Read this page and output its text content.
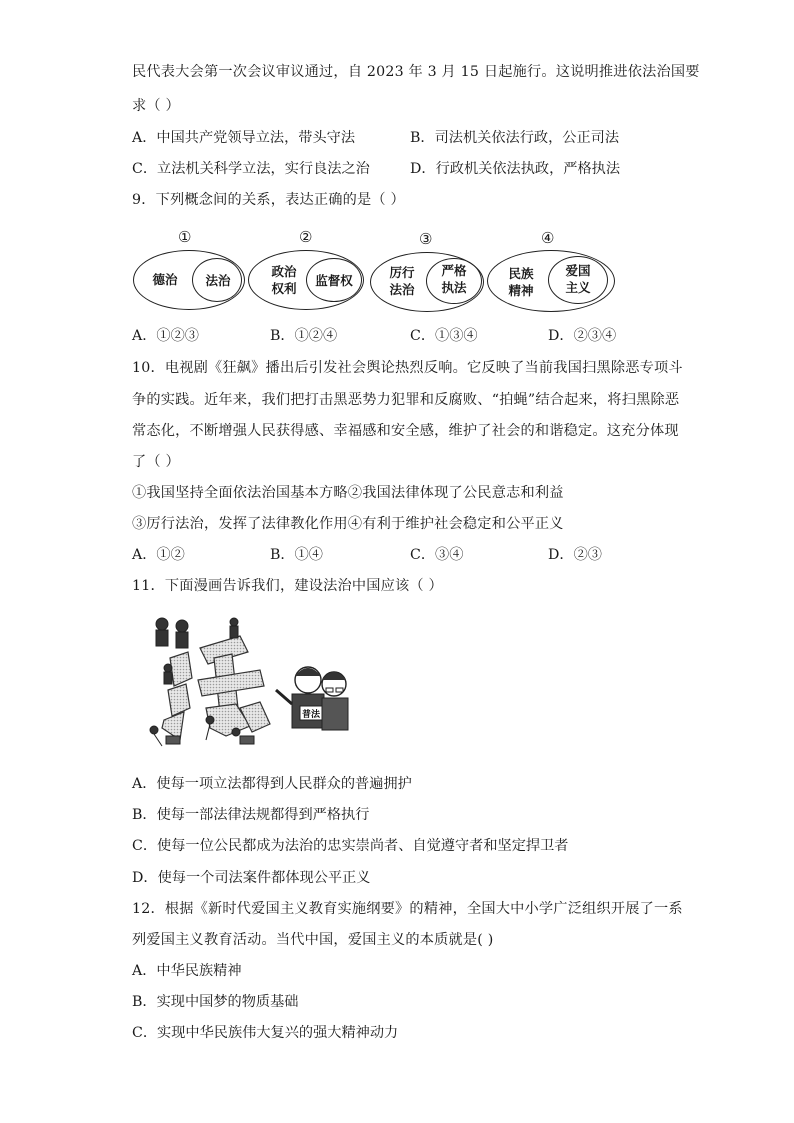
民代表大会第一次会议审议通过，自 2023 年 3 月 15 日起施行。这说明推进依法治国要
求（ ）
A．中国共产党领导立法，带头守法	B．司法机关依法行政，公正司法
C．立法机关科学立法，实行良法之治	D．行政机关依法执政，严格执法
9．下列概念间的关系，表达正确的是（ ）
①
德治	法治
②
政治
权利
监督权
③
厉行
法治
严格
执法
④
民族
精神
爱国
主义
A．①②③	B．①②④	C．①③④	D．②③④
10．电视剧《狂飙》播出后引发社会舆论热烈反响。它反映了当前我国扫黑除恶专项斗
争的实践。近年来，我们把打击黑恶势力犯罪和反腐败、“拍蝇”结合起来，将扫黑除恶
常态化，不断增强人民获得感、幸福感和安全感，维护了社会的和谐稳定。这充分体现
了（ ）
①我国坚持全面依法治国基本方略②我国法律体现了公民意志和利益
③厉行法治，发挥了法律教化作用④有利于维护社会稳定和公平正义
A．①②	B．①④	C．③④	D．②③
11．下面漫画告诉我们，建设法治中国应该（ ）
普法
A．使每一项立法都得到人民群众的普遍拥护
B．使每一部法律法规都得到严格执行
C．使每一位公民都成为法治的忠实崇尚者、自觉遵守者和坚定捍卫者
D．使每一个司法案件都体现公平正义
12．根据《新时代爱国主义教育实施纲要》的精神，全国大中小学广泛组织开展了一系
列爱国主义教育活动。当代中国，爱国主义的本质就是( )
A．中华民族精神
B．实现中国梦的物质基础
C．实现中华民族伟大复兴的强大精神动力
